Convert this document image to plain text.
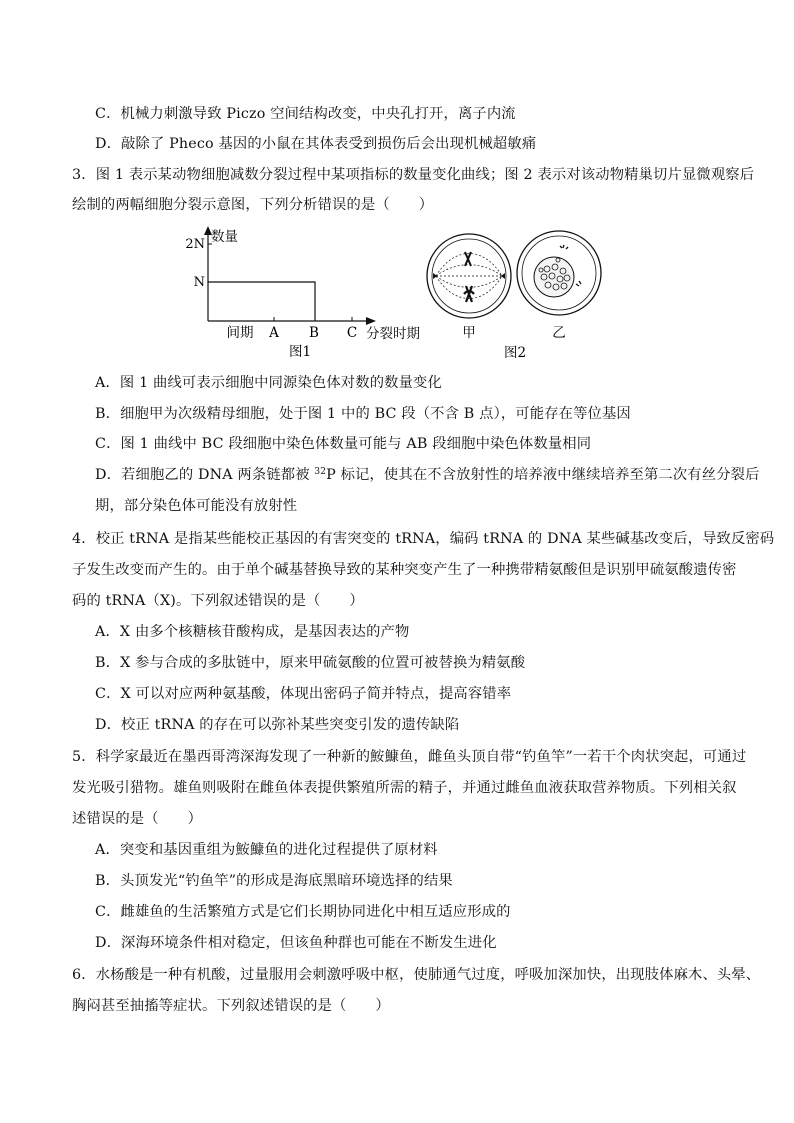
C．机械力刺激导致 Piczo 空间结构改变，中央孔打开，离子内流
D．敲除了 Pheco 基因的小鼠在其体表受到损伤后会出现机械超敏痛
3．图 1 表示某动物细胞减数分裂过程中某项指标的数量变化曲线；图 2 表示对该动物精巢切片显微观察后
绘制的两幅细胞分裂示意图，下列分析错误的是（　　）
数量
2N
N
间期 A B C 分裂时期
图1
甲	乙
图2
A．图 1 曲线可表示细胞中同源染色体对数的数量变化
B．细胞甲为次级精母细胞，处于图 1 中的 BC 段（不含 B 点），可能存在等位基因
C．图 1 曲线中 BC 段细胞中染色体数量可能与 AB 段细胞中染色体数量相同
D．若细胞乙的 DNA 两条链都被 $^{32}$P 标记，使其在不含放射性的培养液中继续培养至第二次有丝分裂后
期，部分染色体可能没有放射性
4．校正 tRNA 是指某些能校正基因的有害突变的 tRNA，编码 tRNA 的 DNA 某些碱基改变后，导致反密码
子发生改变而产生的。由于单个碱基替换导致的某种突变产生了一种携带精氨酸但是识别甲硫氨酸遗传密
码的 tRNA（X)。下列叙述错误的是（　　）
A．X 由多个核糖核苷酸构成，是基因表达的产物
B．X 参与合成的多肽链中，原来甲硫氨酸的位置可被替换为精氨酸
C．X 可以对应两种氨基酸，体现出密码子简并特点，提高容错率
D．校正 tRNA 的存在可以弥补某些突变引发的遗传缺陷
5．科学家最近在墨西哥湾深海发现了一种新的鮟鱇鱼，雌鱼头顶自带“钓鱼竿”一若干个肉状突起，可通过
发光吸引猎物。雄鱼则吸附在雌鱼体表提供繁殖所需的精子，并通过雌鱼血液获取营养物质。下列相关叙
述错误的是（　　）
A．突变和基因重组为鮟鱇鱼的进化过程提供了原材料
B．头顶发光“钓鱼竿”的形成是海底黑暗环境选择的结果
C．雌雄鱼的生活繁殖方式是它们长期协同进化中相互适应形成的
D．深海环境条件相对稳定，但该鱼种群也可能在不断发生进化
6．水杨酸是一种有机酸，过量服用会刺激呼吸中枢，使肺通气过度，呼吸加深加快，出现肢体麻木、头晕、
胸闷甚至抽搐等症状。下列叙述错误的是（　　）
